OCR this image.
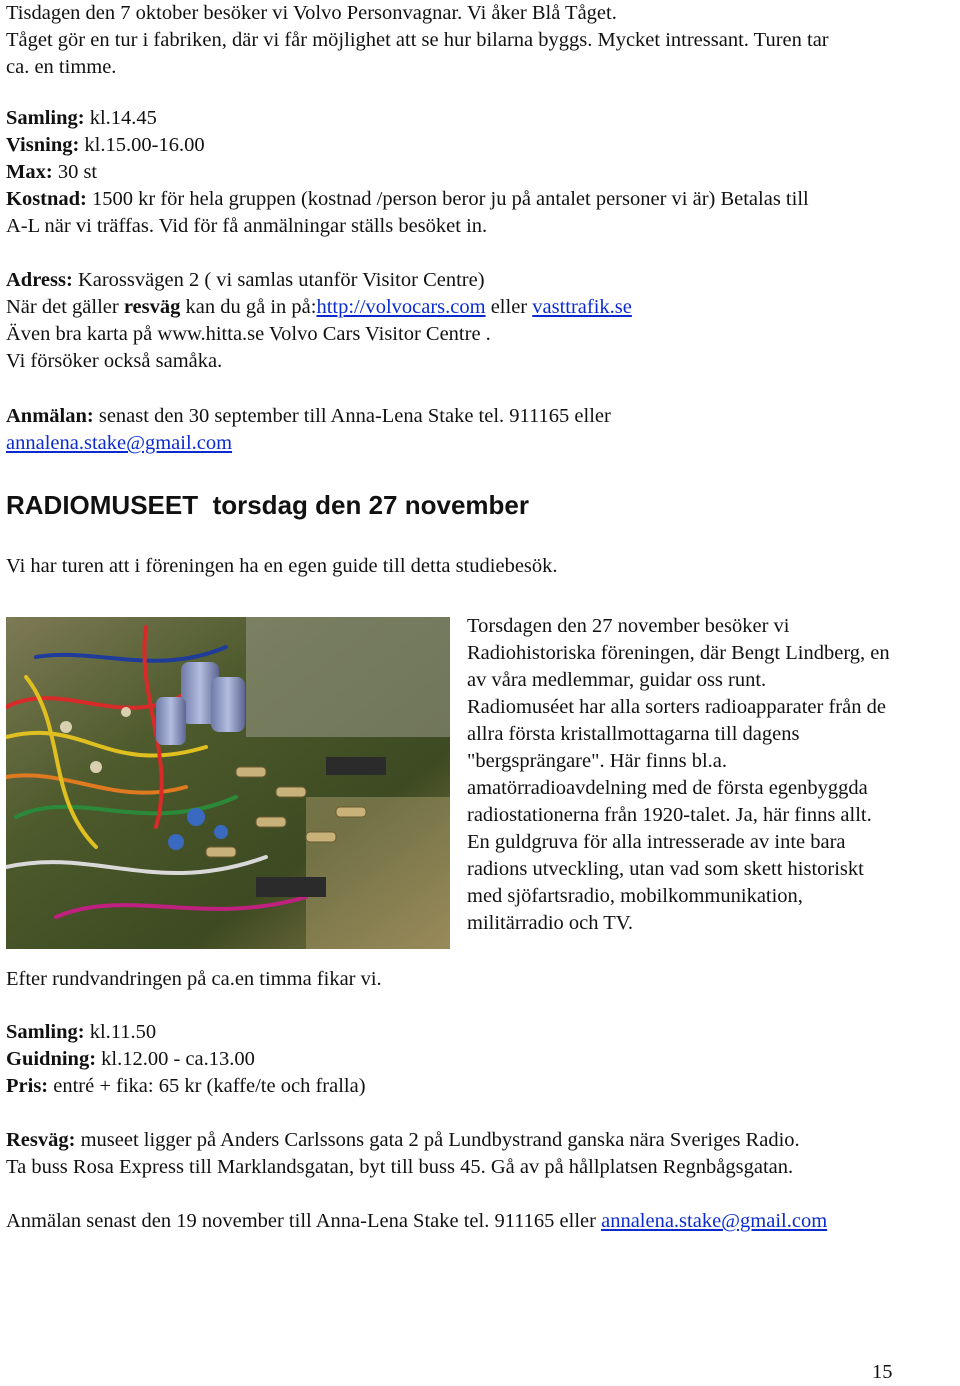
Tisdagen den 7 oktober besöker vi Volvo Personvagnar. Vi åker Blå Tåget.
Tåget gör en tur i fabriken, där vi får möjlighet att se hur bilarna byggs. Mycket intressant. Turen tar
ca. en timme.
Samling: kl.14.45
Visning: kl.15.00-16.00
Max: 30 st
Kostnad: 1500 kr för hela gruppen (kostnad /person beror ju på antalet personer vi är) Betalas till
A-L när vi träffas. Vid för få anmälningar ställs besöket in.
Adress: Karossvägen 2 ( vi samlas utanför Visitor Centre)
När det gäller resväg kan du gå in på:http://volvocars.com eller vasttrafik.se
Även bra karta på www.hitta.se Volvo Cars Visitor Centre .
Vi försöker också samåka.
Anmälan: senast den 30 september till Anna-Lena Stake tel. 911165 eller
annalena.stake@gmail.com
RADIOMUSEET  torsdag den 27 november
Vi har turen att i föreningen ha en egen guide till detta studiebesök.
Torsdagen den 27 november besöker vi
Radiohistoriska föreningen, där Bengt Lindberg, en
av våra medlemmar, guidar oss runt.
Radiomuséet har alla sorters radioapparater från de
allra första kristallmottagarna till dagens
"bergsprängare". Här finns bl.a.
amatörradioavdelning med de första egenbyggda
radiostationerna från 1920-talet. Ja, här finns allt.
En guldgruva för alla intresserade av inte bara
radions utveckling, utan vad som skett historiskt
med sjöfartsradio, mobilkommunikation,
militärradio och TV.
Efter rundvandringen på ca.en timma fikar vi.
Samling: kl.11.50
Guidning: kl.12.00 - ca.13.00
Pris: entré + fika: 65 kr (kaffe/te och fralla)
Resväg: museet ligger på Anders Carlssons gata 2 på Lundbystrand ganska nära Sveriges Radio.
Ta buss Rosa Express till Marklandsgatan, byt till buss 45. Gå av på hållplatsen Regnbågsgatan.
Anmälan senast den 19 november till Anna-Lena Stake tel. 911165 eller annalena.stake@gmail.com
15
